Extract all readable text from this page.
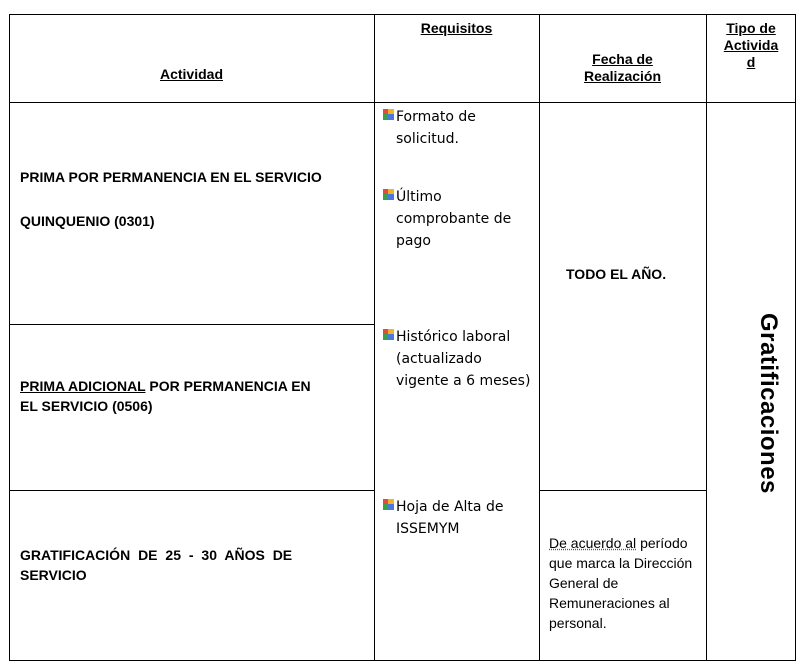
Actividad
Requisitos
Fecha de
Realización
Tipo de
Activida
d
PRIMA POR PERMANENCIA EN EL SERVICIO
QUINQUENIO (0301)
PRIMA ADICIONAL POR PERMANENCIA EN
EL SERVICIO (0506)
GRATIFICACIÓN DE 25 - 30 AÑOS DE
SERVICIO
Formato de solicitud.
Último comprobante de pago
Histórico laboral (actualizado vigente a 6 meses)
Hoja de Alta de ISSEMYM
TODO EL AÑO.
De acuerdo al período que marca la Dirección General de Remuneraciones al personal.
Gratificaciones
